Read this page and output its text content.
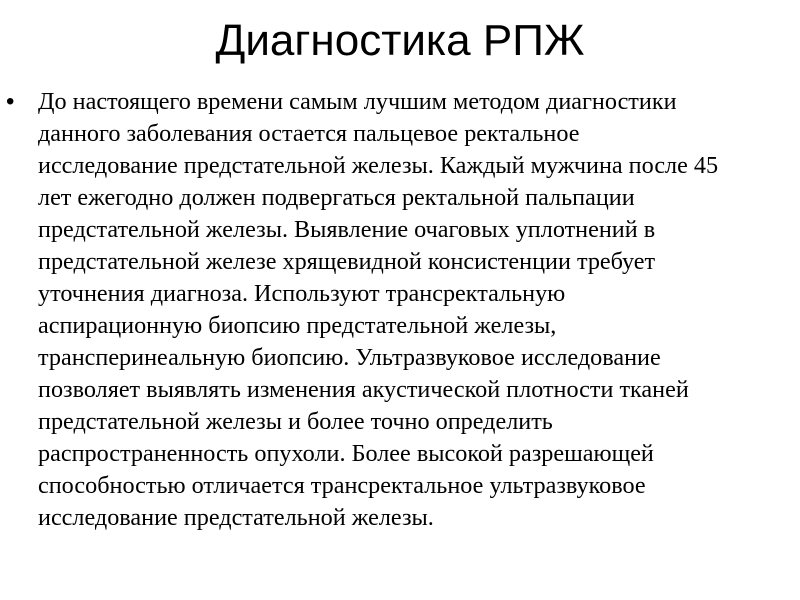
Диагностика РПЖ
• До настоящего времени самым лучшим методом диагностики
данного заболевания остается пальцевое ректальное
исследование предстательной железы. Каждый мужчина после 45
лет ежегодно должен подвергаться ректальной пальпации
предстательной железы. Выявление очаговых уплотнений в
предстательной железе хрящевидной консистенции требует
уточнения диагноза. Используют трансректальную
аспирационную биопсию предстательной железы,
трансперинеальную биопсию. Ультразвуковое исследование
позволяет выявлять изменения акустической плотности тканей
предстательной железы и более точно определить
распространенность опухоли. Более высокой разрешающей
способностью отличается трансректальное ультразвуковое
исследование предстательной железы.
